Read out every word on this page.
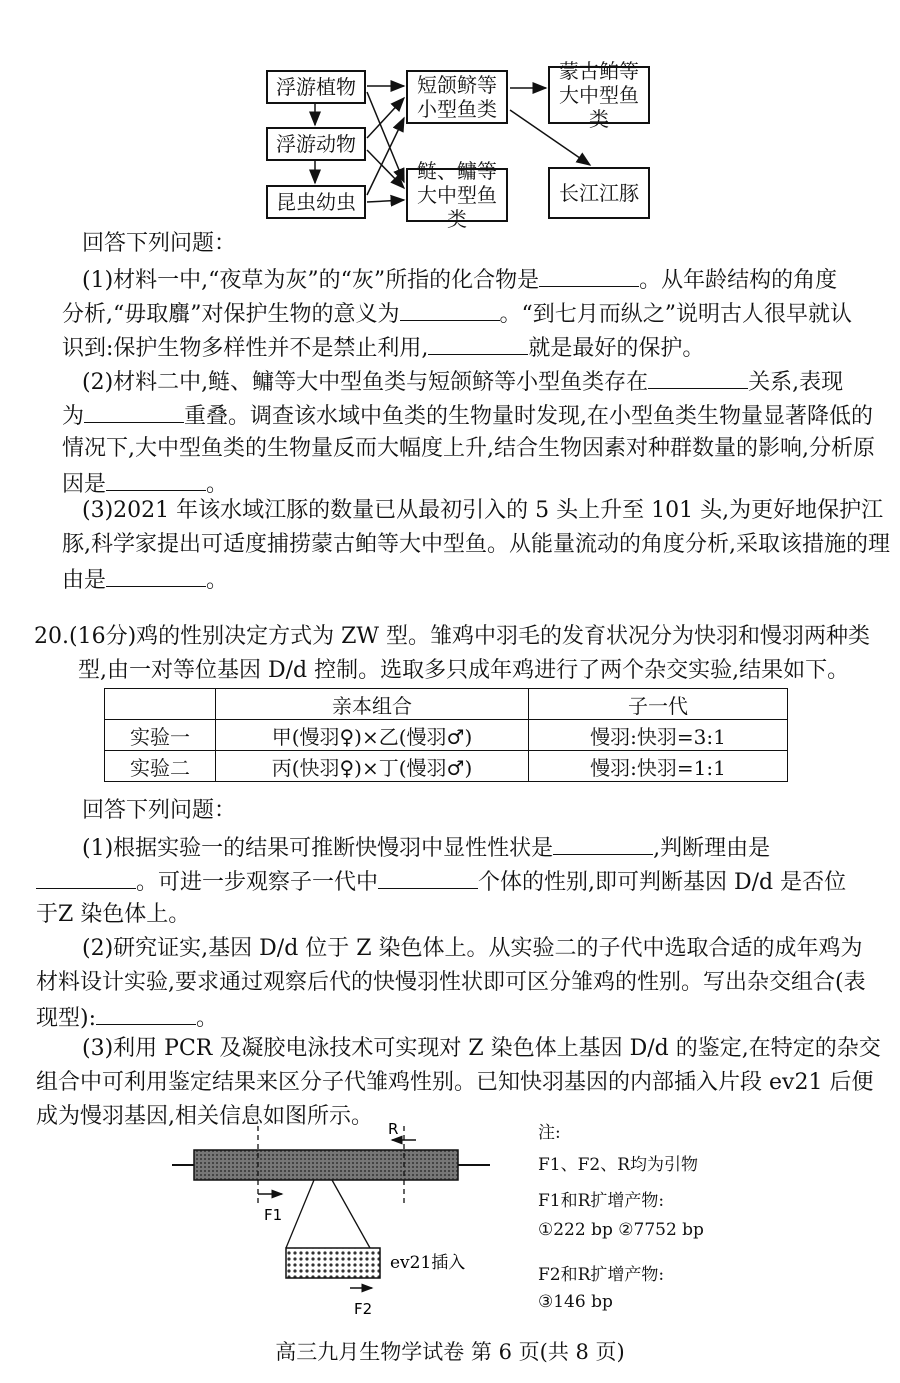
浮游植物
浮游动物
昆虫幼虫
短颌鲚等
小型鱼类
鲢、鳙等
大中型鱼类
蒙古鲌等
大中型鱼类
长江江豚
回答下列问题：
(1)材料一中,“夜草为灰”的“灰”所指的化合物是	。从年龄结构的角度
分析,“毋取麛”对保护生物的意义为	。“到七月而纵之”说明古人很早就认
识到:保护生物多样性并不是禁止利用,	就是最好的保护。
(2)材料二中,鲢、鳙等大中型鱼类与短颌鲚等小型鱼类存在	关系,表现
为	重叠。调查该水域中鱼类的生物量时发现,在小型鱼类生物量显著降低的
情况下,大中型鱼类的生物量反而大幅度上升,结合生物因素对种群数量的影响,分析原
因是	。
(3)2021 年该水域江豚的数量已从最初引入的 5 头上升至 101 头,为更好地保护江
豚,科学家提出可适度捕捞蒙古鲌等大中型鱼。从能量流动的角度分析,采取该措施的理
由是	。
20.(16分)鸡的性别决定方式为 ZW 型。雏鸡中羽毛的发育状况分为快羽和慢羽两种类
型,由一对等位基因 D/d 控制。选取多只成年鸡进行了两个杂交实验,结果如下。
	亲本组合	子一代
实验一	甲(慢羽♀)×乙(慢羽♂)	慢羽:快羽=3:1
实验二	丙(快羽♀)×丁(慢羽♂)	慢羽:快羽=1:1
回答下列问题：
(1)根据实验一的结果可推断快慢羽中显性性状是	,判断理由是
。可进一步观察子一代中	个体的性别,即可判断基因 D/d 是否位
于Z 染色体上。
(2)研究证实,基因 D/d 位于 Z 染色体上。从实验二的子代中选取合适的成年鸡为
材料设计实验,要求通过观察后代的快慢羽性状即可区分雏鸡的性别。写出杂交组合(表
现型):	。
(3)利用 PCR 及凝胶电泳技术可实现对 Z 染色体上基因 D/d 的鉴定,在特定的杂交
组合中可利用鉴定结果来区分子代雏鸡性别。已知快羽基因的内部插入片段 ev21 后便
成为慢羽基因,相关信息如图所示。 R
F1
ev21插入
F2
注:
F1、F2、R均为引物
F1和R扩增产物:
①222 bp ②7752 bp
F2和R扩增产物:
③146 bp
高三九月生物学试卷 第 6 页(共 8 页)
